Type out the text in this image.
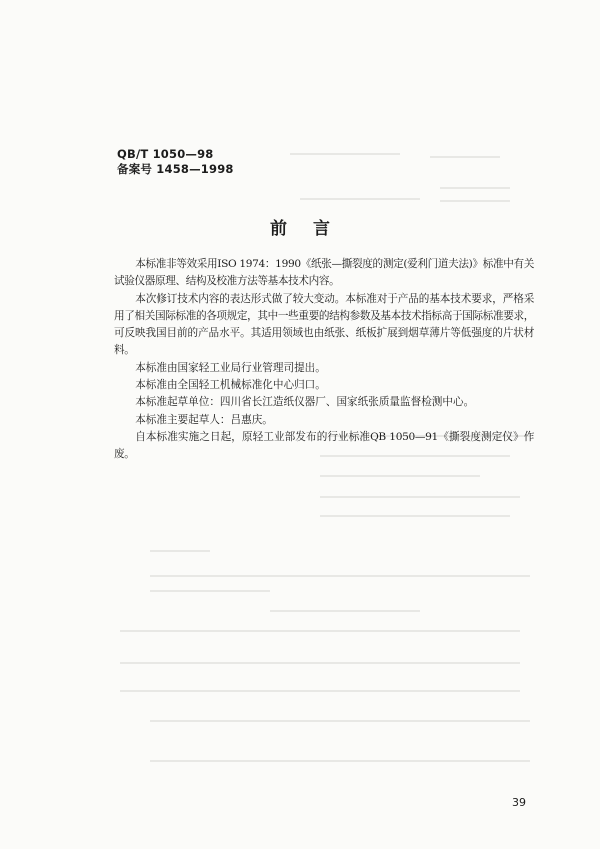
QB/T 1050—98
备案号 1458—1998
前言

本标准非等效采用ISO 1974：1990《纸张—撕裂度的测定(爱利门道夫法)》标准中有关试验仪器原理、结构及校准方法等基本技术内容。

本次修订技术内容的表达形式做了较大变动。本标准对于产品的基本技术要求，严格采用了相关国际标准的各项规定，其中一些重要的结构参数及基本技术指标高于国际标准要求，可反映我国目前的产品水平。其适用领域也由纸张、纸板扩展到烟草薄片等低强度的片状材料。

本标准由国家轻工业局行业管理司提出。

本标准由全国轻工机械标准化中心归口。

本标准起草单位：四川省长江造纸仪器厂、国家纸张质量监督检测中心。

本标准主要起草人：吕惠庆。

自本标准实施之日起，原轻工业部发布的行业标准QB 1050—91《撕裂度测定仪》作废。

39
